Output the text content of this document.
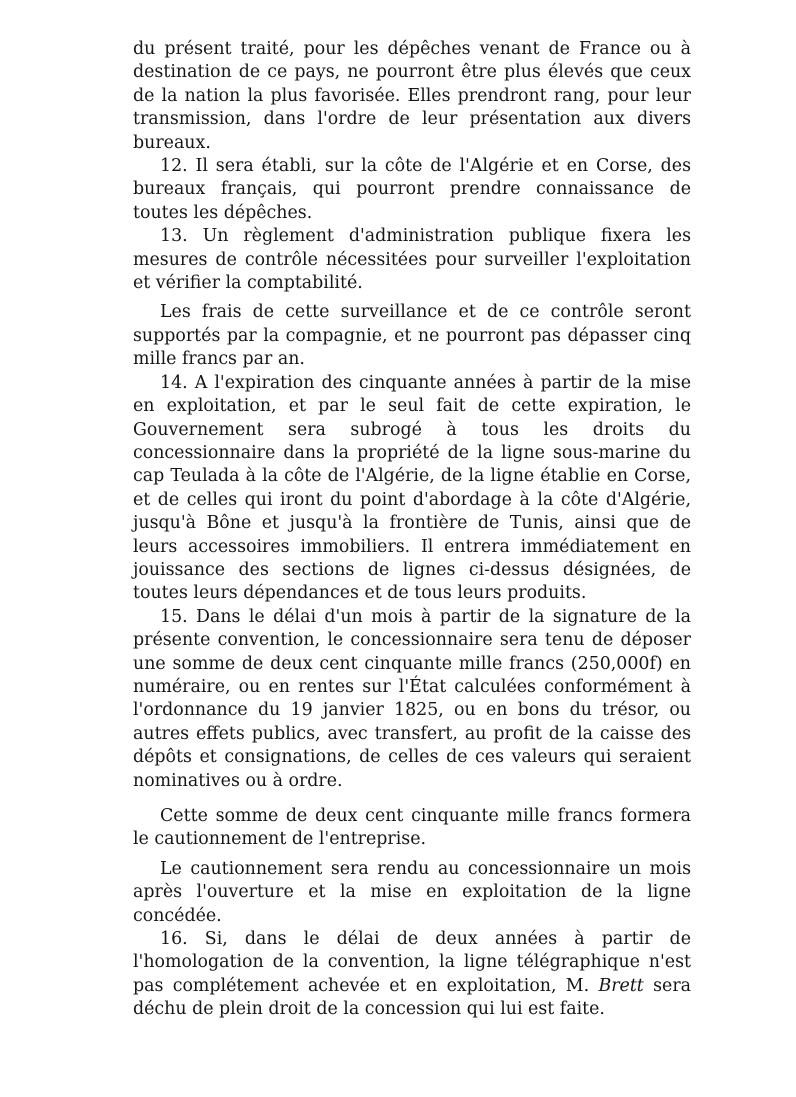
du présent traité, pour les dépêches venant de France ou à destination de ce pays, ne pourront être plus élevés que ceux de la nation la plus favorisée. Elles prendront rang, pour leur transmission, dans l'ordre de leur présentation aux divers bureaux.

12. Il sera établi, sur la côte de l'Algérie et en Corse, des bureaux français, qui pourront prendre connaissance de toutes les dépêches.

13. Un règlement d'administration publique fixera les mesures de contrôle nécessitées pour surveiller l'exploitation et vérifier la comptabilité.

Les frais de cette surveillance et de ce contrôle seront supportés par la compagnie, et ne pourront pas dépasser cinq mille francs par an.

14. A l'expiration des cinquante années à partir de la mise en exploitation, et par le seul fait de cette expiration, le Gouvernement sera subrogé à tous les droits du concessionnaire dans la propriété de la ligne sous-marine du cap Teulada à la côte de l'Algérie, de la ligne établie en Corse, et de celles qui iront du point d'abordage à la côte d'Algérie, jusqu'à Bône et jusqu'à la frontière de Tunis, ainsi que de leurs accessoires immobiliers. Il entrera immédiatement en jouissance des sections de lignes ci-dessus désignées, de toutes leurs dépendances et de tous leurs produits.

15. Dans le délai d'un mois à partir de la signature de la présente convention, le concessionnaire sera tenu de déposer une somme de deux cent cinquante mille francs (250,000f) en numéraire, ou en rentes sur l'État calculées conformément à l'ordonnance du 19 janvier 1825, ou en bons du trésor, ou autres effets publics, avec transfert, au profit de la caisse des dépôts et consignations, de celles de ces valeurs qui seraient nominatives ou à ordre.

Cette somme de deux cent cinquante mille francs formera le cautionnement de l'entreprise.

Le cautionnement sera rendu au concessionnaire un mois après l'ouverture et la mise en exploitation de la ligne concédée.

16. Si, dans le délai de deux années à partir de l'homologation de la convention, la ligne télégraphique n'est pas complétement achevée et en exploitation, M. Brett sera déchu de plein droit de la concession qui lui est faite.
